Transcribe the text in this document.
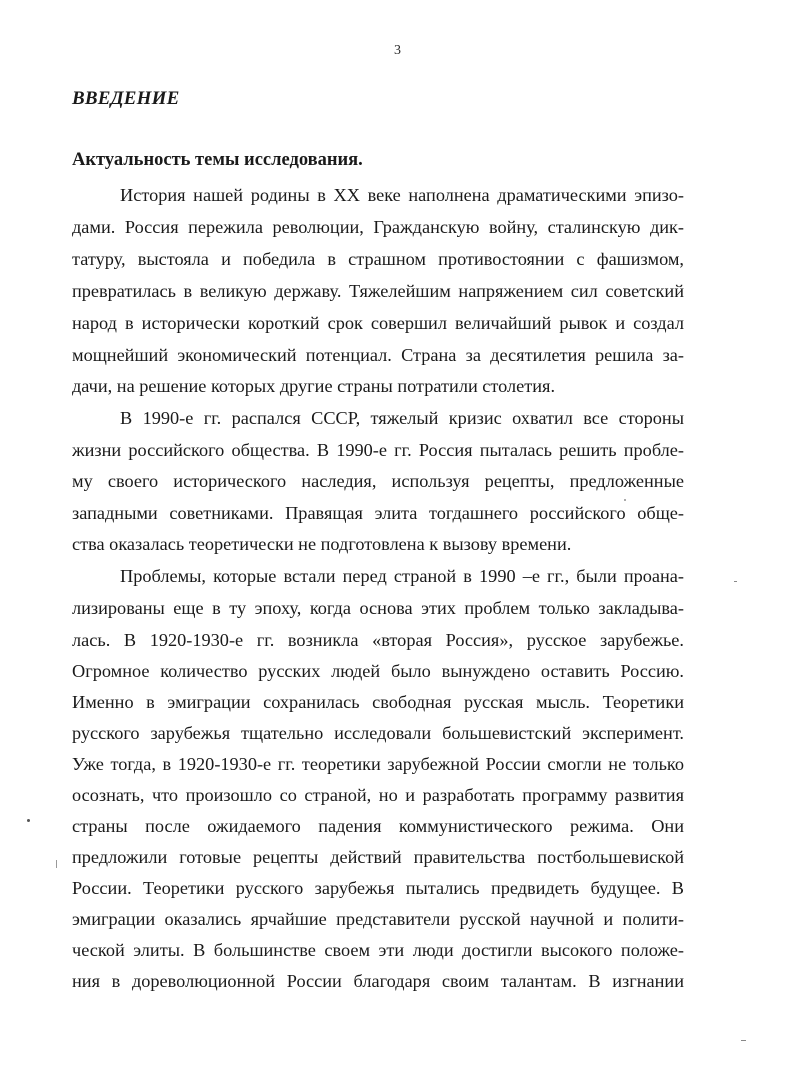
3
ВВЕДЕНИЕ
Актуальность темы исследования.
История нашей родины в XX веке наполнена драматическими эпизо-
дами. Россия пережила революции, Гражданскую войну, сталинскую дик-
татуру, выстояла и победила в страшном противостоянии с фашизмом,
превратилась в великую державу. Тяжелейшим напряжением сил советский
народ в исторически короткий срок совершил величайший рывок и создал
мощнейший экономический потенциал. Страна за десятилетия решила за-
дачи, на решение которых другие страны потратили столетия.
В 1990-е гг. распался СССР, тяжелый кризис охватил все стороны
жизни российского общества. В 1990-е гг. Россия пыталась решить пробле-
му своего исторического наследия, используя рецепты, предложенные
западными советниками. Правящая элита тогдашнего российского обще-
ства оказалась теоретически не подготовлена к вызову времени.
Проблемы, которые встали перед страной в 1990 –е гг., были проана-
лизированы еще в ту эпоху, когда основа этих проблем только закладыва-
лась. В 1920-1930-е гг. возникла «вторая Россия», русское зарубежье.
Огромное количество русских людей было вынуждено оставить Россию.
Именно в эмиграции сохранилась свободная русская мысль. Теоретики
русского зарубежья тщательно исследовали большевистский эксперимент.
Уже тогда, в 1920-1930-е гг. теоретики зарубежной России смогли не только
осознать, что произошло со страной, но и разработать программу развития
страны после ожидаемого падения коммунистического режима. Они
предложили готовые рецепты действий правительства постбольшевиской
России. Теоретики русского зарубежья пытались предвидеть будущее. В
эмиграции оказались ярчайшие представители русской научной и полити-
ческой элиты. В большинстве своем эти люди достигли высокого положе-
ния в дореволюционной России благодаря своим талантам. В изгнании
